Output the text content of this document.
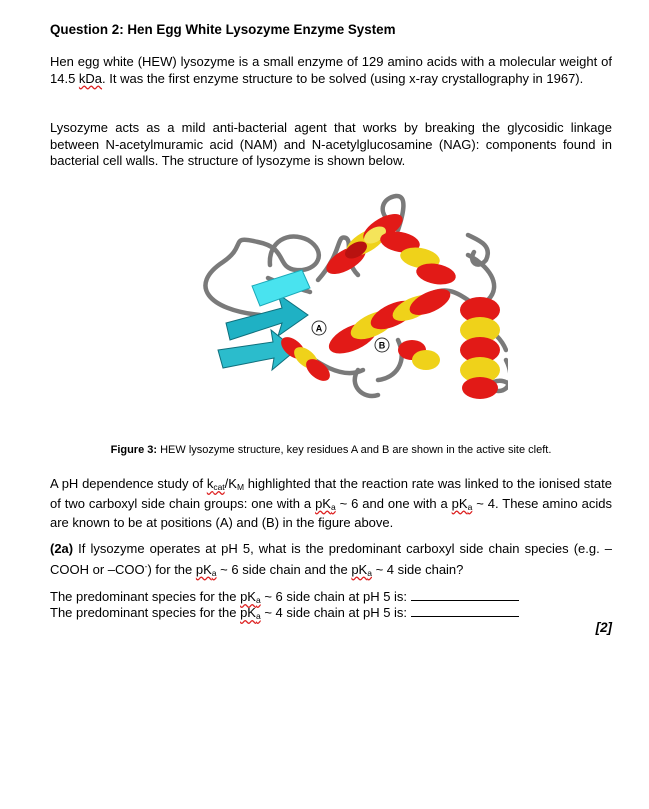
Question 2: Hen Egg White Lysozyme Enzyme System

Hen egg white (HEW) lysozyme is a small enzyme of 129 amino acids with a molecular weight of 14.5 kDa. It was the first enzyme structure to be solved (using x-ray crystallography in 1967).

Lysozyme acts as a mild anti-bacterial agent that works by breaking the glycosidic linkage between N-acetylmuramic acid (NAM) and N-acetylglucosamine (NAG): components found in bacterial cell walls. The structure of lysozyme is shown below.

A
B
Figure 3: HEW lysozyme structure, key residues A and B are shown in the active site cleft.

A pH dependence study of $k_{cat}/K_M$ highlighted that the reaction rate was linked to the ionised state of two carboxyl side chain groups: one with a $pK_a$ ~ 6 and one with a $pK_a$ ~ 4. These amino acids are known to be at positions (A) and (B) in the figure above.

(2a) If lysozyme operates at pH 5, what is the predominant carboxyl side chain species (e.g. –COOH or –COO-) for the $pK_a$ ~ 6 side chain and the $pK_a$ ~ 4 side chain?

The predominant species for the $pK_a$ ~ 6 side chain at pH 5 is:

The predominant species for the $pK_a$ ~ 4 side chain at pH 5 is:

[2]
